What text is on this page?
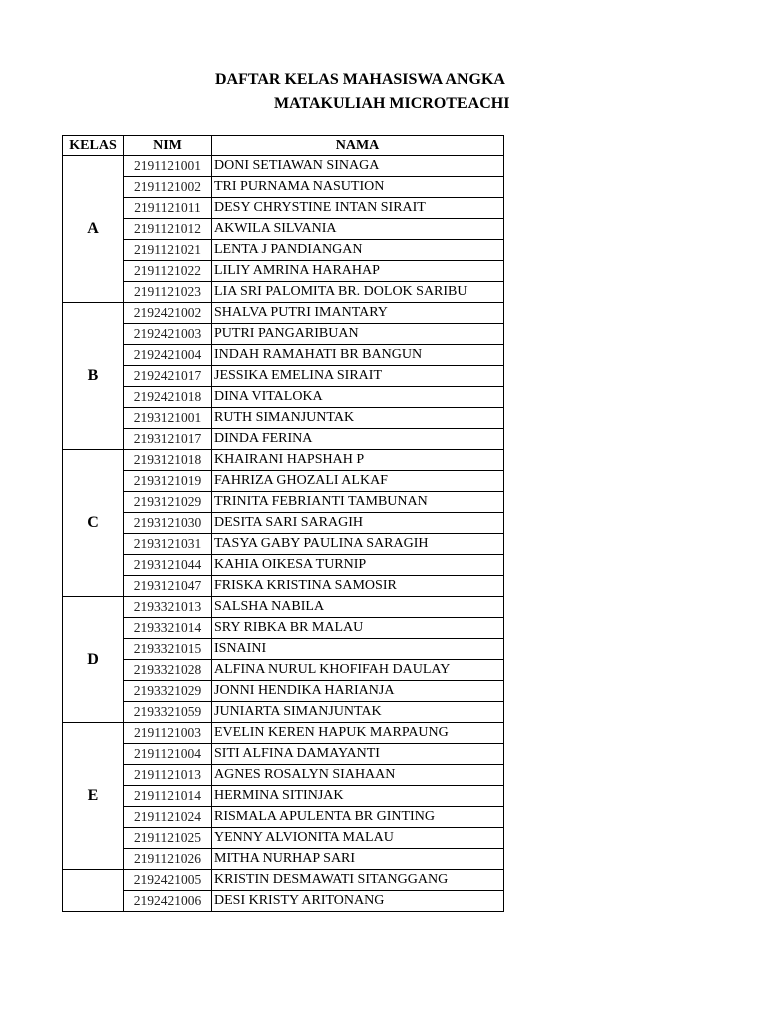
DAFTAR KELAS MAHASISWA ANGKA
MATAKULIAH MICROTEACHI
KELAS	NIM	NAMA
A	2191121001	DONI SETIAWAN SINAGA
	2191121002	TRI PURNAMA NASUTION
	2191121011	DESY CHRYSTINE INTAN SIRAIT
	2191121012	AKWILA SILVANIA
	2191121021	LENTA J PANDIANGAN
	2191121022	LILIY AMRINA HARAHAP
	2191121023	LIA SRI PALOMITA BR. DOLOK SARIBU
B	2192421002	SHALVA PUTRI IMANTARY
	2192421003	PUTRI PANGARIBUAN
	2192421004	INDAH RAMAHATI BR BANGUN
	2192421017	JESSIKA EMELINA SIRAIT
	2192421018	DINA VITALOKA
	2193121001	RUTH SIMANJUNTAK
	2193121017	DINDA FERINA
C	2193121018	KHAIRANI HAPSHAH P
	2193121019	FAHRIZA GHOZALI ALKAF
	2193121029	TRINITA FEBRIANTI TAMBUNAN
	2193121030	DESITA SARI SARAGIH
	2193121031	TASYA GABY PAULINA SARAGIH
	2193121044	KAHIA OIKESA TURNIP
	2193121047	FRISKA KRISTINA SAMOSIR
D	2193321013	SALSHA NABILA
	2193321014	SRY RIBKA BR MALAU
	2193321015	ISNAINI
	2193321028	ALFINA NURUL KHOFIFAH DAULAY
	2193321029	JONNI HENDIKA HARIANJA
	2193321059	JUNIARTA SIMANJUNTAK
E	2191121003	EVELIN KEREN HAPUK MARPAUNG
	2191121004	SITI ALFINA DAMAYANTI
	2191121013	AGNES ROSALYN SIAHAAN
	2191121014	HERMINA SITINJAK
	2191121024	RISMALA APULENTA BR GINTING
	2191121025	YENNY ALVIONITA MALAU
	2191121026	MITHA NURHAP SARI
	2192421005	KRISTIN DESMAWATI SITANGGANG
	2192421006	DESI KRISTY ARITONANG
